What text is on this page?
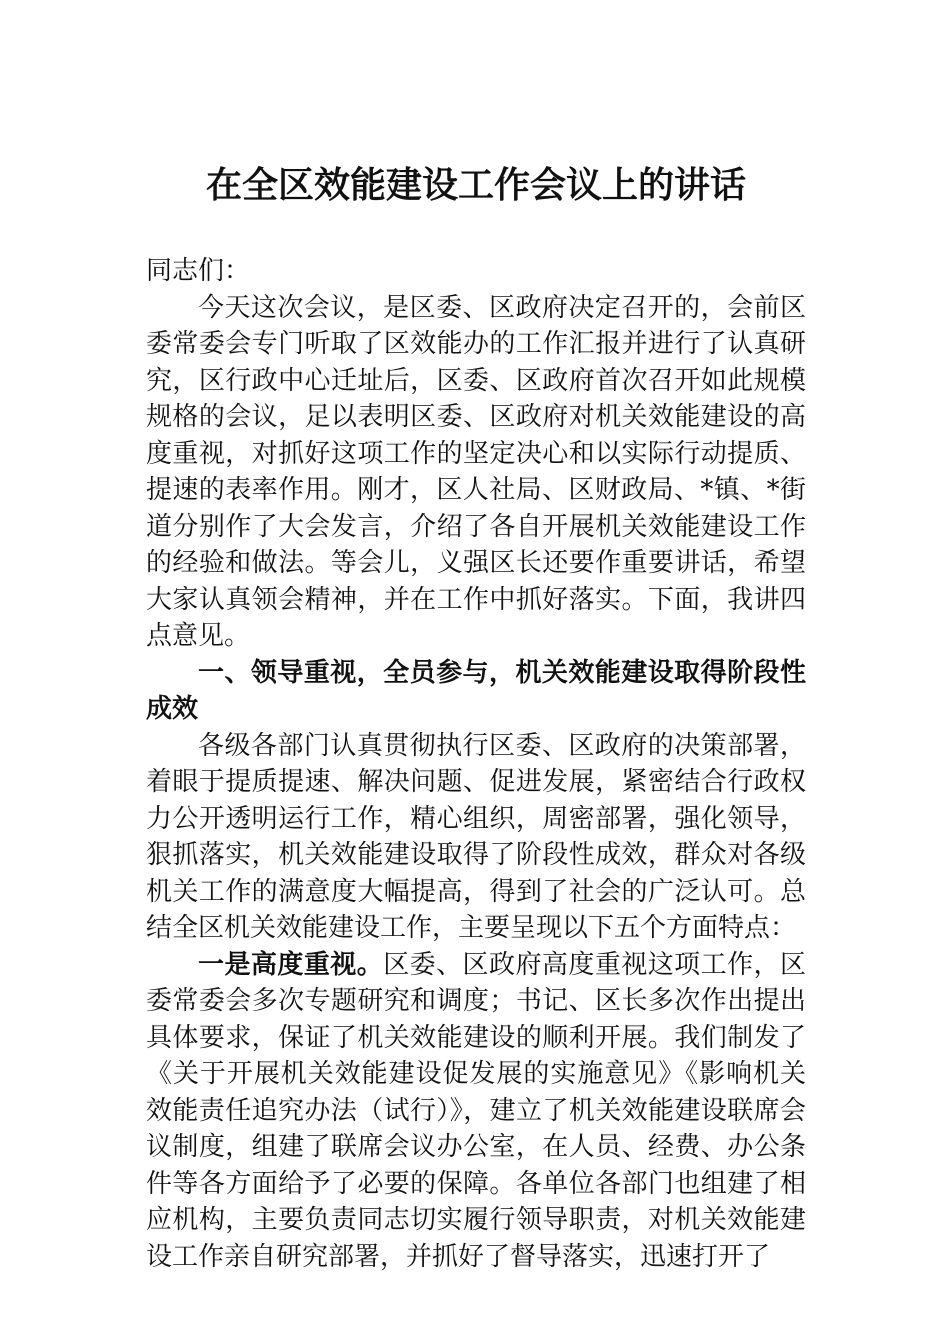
在全区效能建设工作会议上的讲话

同志们：

今天这次会议，是区委、区政府决定召开的，会前区委常委会专门听取了区效能办的工作汇报并进行了认真研究，区行政中心迁址后，区委、区政府首次召开如此规模规格的会议，足以表明区委、区政府对机关效能建设的高度重视，对抓好这项工作的坚定决心和以实际行动提质、提速的表率作用。刚才，区人社局、区财政局、*镇、*街道分别作了大会发言，介绍了各自开展机关效能建设工作的经验和做法。等会儿，义强区长还要作重要讲话，希望大家认真领会精神，并在工作中抓好落实。下面，我讲四点意见。

一、领导重视，全员参与，机关效能建设取得阶段性成效

各级各部门认真贯彻执行区委、区政府的决策部署，着眼于提质提速、解决问题、促进发展，紧密结合行政权力公开透明运行工作，精心组织，周密部署，强化领导，狠抓落实，机关效能建设取得了阶段性成效，群众对各级机关工作的满意度大幅提高，得到了社会的广泛认可。总结全区机关效能建设工作，主要呈现以下五个方面特点：

一是高度重视。区委、区政府高度重视这项工作，区委常委会多次专题研究和调度；书记、区长多次作出提出具体要求，保证了机关效能建设的顺利开展。我们制发了《关于开展机关效能建设促发展的实施意见》《影响机关效能责任追究办法（试行）》，建立了机关效能建设联席会议制度，组建了联席会议办公室，在人员、经费、办公条件等各方面给予了必要的保障。各单位各部门也组建了相应机构，主要负责同志切实履行领导职责，对机关效能建设工作亲自研究部署，并抓好了督导落实，迅速打开了
